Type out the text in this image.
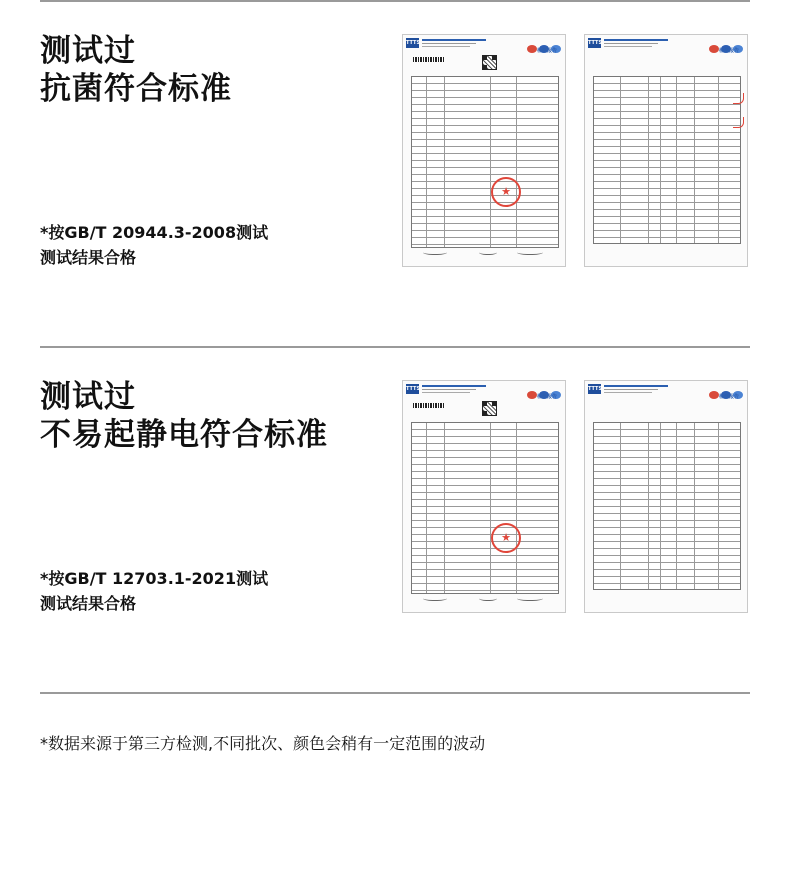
测试过
抗菌符合标准
*按GB/T 20944.3-2008测试
测试结果合格
TTTS
检测报告
★
TTTS
检测报告
测试过
不易起静电符合标准
*按GB/T 12703.1-2021测试
测试结果合格
TTTS
检测报告
★
TTTS
检测报告

*数据来源于第三方检测,不同批次、颜色会稍有一定范围的波动
